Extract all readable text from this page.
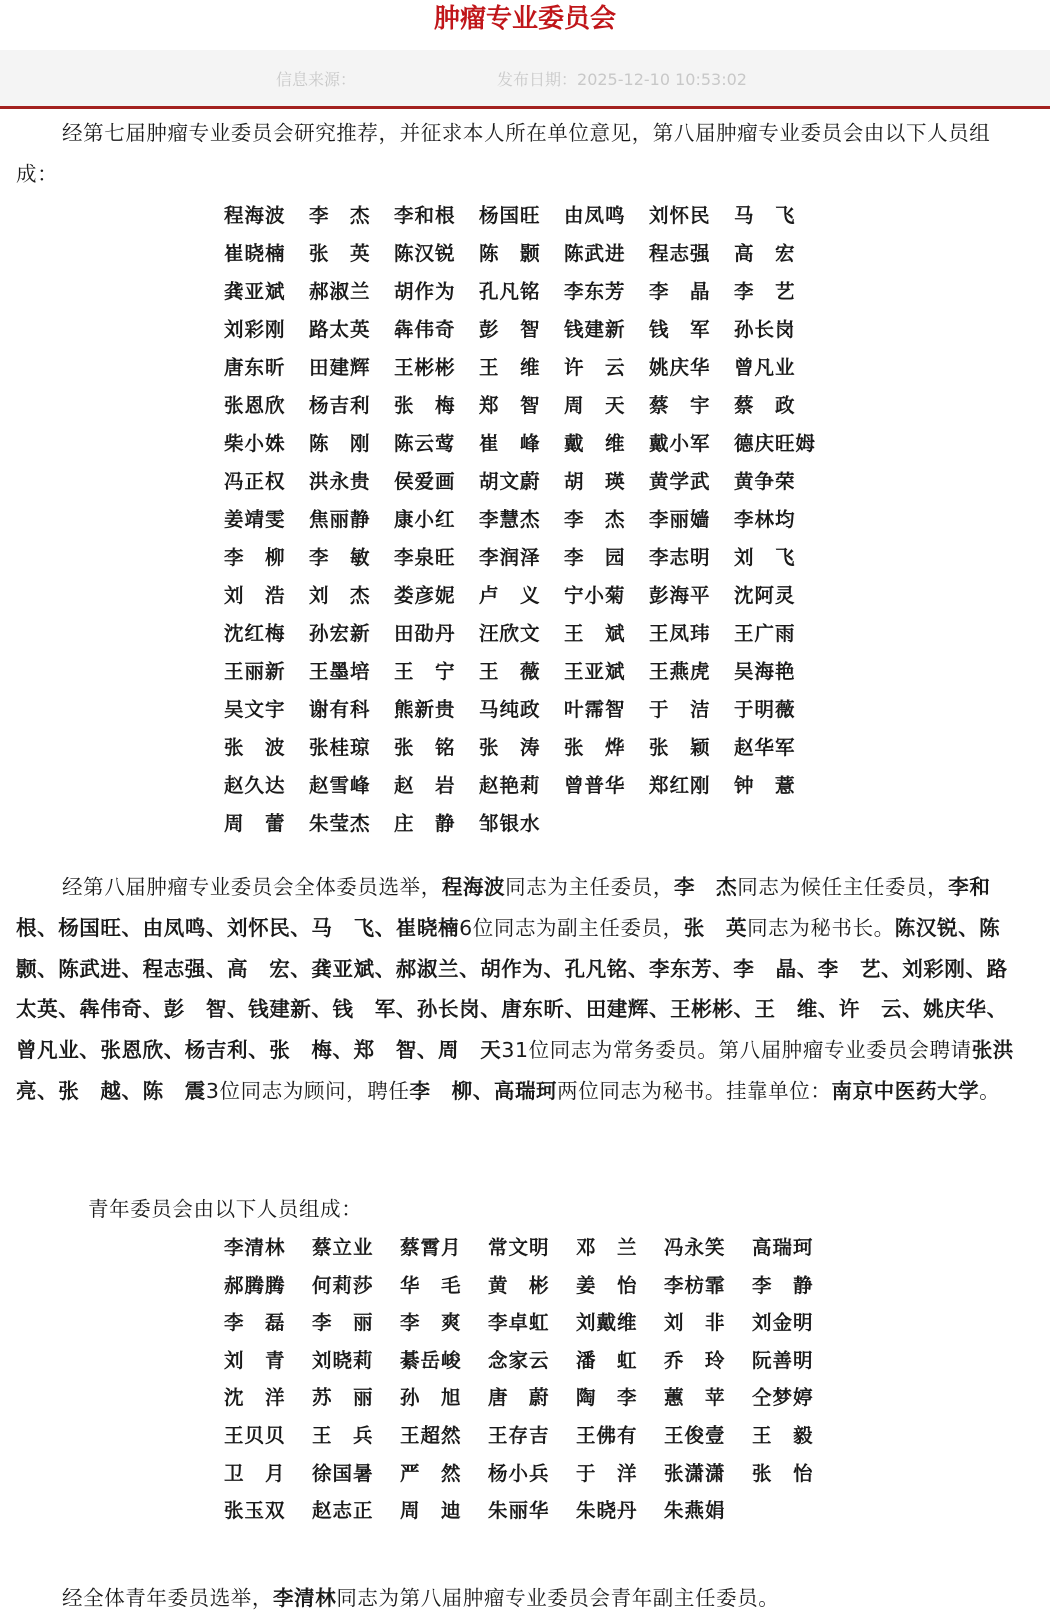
肿瘤专业委员会
信息来源：	发布日期：2025-12-10 10:53:02
经第七届肿瘤专业委员会研究推荐，并征求本人所在单位意见，第八届肿瘤专业委员会由以下人员组成：
程海波 李　杰 李和根 杨国旺 由凤鸣 刘怀民 马　飞
崔晓楠 张　英 陈汉锐 陈　颢 陈武进 程志强 高　宏
龚亚斌 郝淑兰 胡作为 孔凡铭 李东芳 李　晶 李　艺
刘彩刚 路太英 犇伟奇 彭　智 钱建新 钱　军 孙长岗
唐东昕 田建辉 王彬彬 王　维 许　云 姚庆华 曾凡业
张恩欣 杨吉利 张　梅 郑　智 周　天 蔡　宇 蔡　政
柴小姝 陈　刚 陈云莺 崔　峰 戴　维 戴小军 德庆旺姆
冯正权 洪永贵 侯爱画 胡文蔚 胡　瑛 黄学武 黄争荣
姜靖雯 焦丽静 康小红 李慧杰 李　杰 李丽嫱 李林均
李　柳 李　敏 李泉旺 李润泽 李　园 李志明 刘　飞
刘　浩 刘　杰 娄彦妮 卢　义 宁小菊 彭海平 沈阿灵
沈红梅 孙宏新 田劭丹 汪欣文 王　斌 王凤玮 王广雨
王丽新 王墨培 王　宁 王　薇 王亚斌 王燕虎 吴海艳
吴文宇 谢有科 熊新贵 马纯政 叶霈智 于　洁 于明薇
张　波 张桂琼 张　铭 张　涛 张　烨 张　颖 赵华军
赵久达 赵雪峰 赵　岩 赵艳莉 曾普华 郑红刚 钟　薏
周　蕾 朱莹杰 庄　静 邹银水
经第八届肿瘤专业委员会全体委员选举，程海波同志为主任委员，李　杰同志为候任主任委员，李和根、杨国旺、由凤鸣、刘怀民、马　飞、崔晓楠6位同志为副主任委员，张　英同志为秘书长。陈汉锐、陈　颢、陈武进、程志强、高　宏、龚亚斌、郝淑兰、胡作为、孔凡铭、李东芳、李　晶、李　艺、刘彩刚、路太英、犇伟奇、彭　智、钱建新、钱　军、孙长岗、唐东昕、田建辉、王彬彬、王　维、许　云、姚庆华、曾凡业、张恩欣、杨吉利、张　梅、郑　智、周　天31位同志为常务委员。第八届肿瘤专业委员会聘请张洪亮、张　越、陈　震3位同志为顾问，聘任李　柳、高瑞珂两位同志为秘书。挂靠单位：南京中医药大学。
青年委员会由以下人员组成：
李清林 蔡立业 蔡霄月 常文明 邓　兰 冯永笑 高瑞珂
郝腾腾 何莉莎 华　毛 黄　彬 姜　怡 李枋霏 李　静
李　磊 李　丽 李　爽 李卓虹 刘戴维 刘　非 刘金明
刘　青 刘晓莉 綦岳峻 念家云 潘　虹 乔　玲 阮善明
沈　洋 苏　丽 孙　旭 唐　蔚 陶　李 蕙　苹 仝梦婷
王贝贝 王　兵 王超然 王存吉 王佛有 王俊壹 王　毅
卫　月 徐国暑 严　然 杨小兵 于　洋 张潇潇 张　怡
张玉双 赵志正 周　迪 朱丽华 朱晓丹 朱燕娟
经全体青年委员选举，李清林同志为第八届肿瘤专业委员会青年副主任委员。
